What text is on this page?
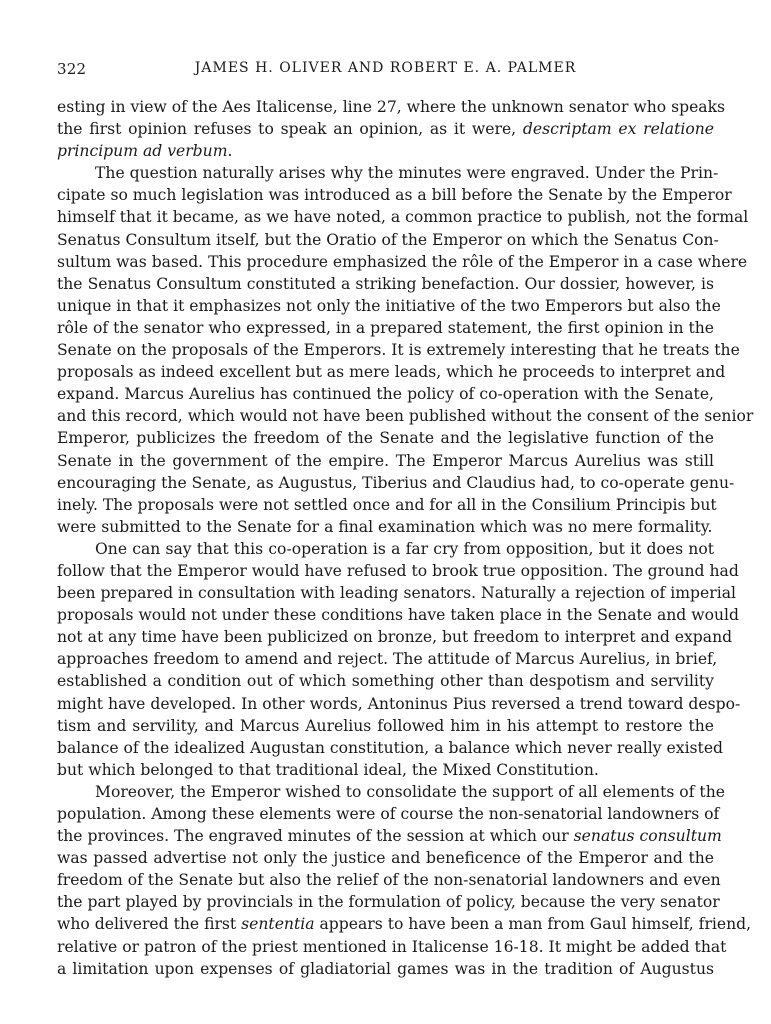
322	JAMES H. OLIVER AND ROBERT E. A. PALMER
esting in view of the Aes Italicense, line 27, where the unknown senator who speaks
the first opinion refuses to speak an opinion, as it were, descriptam ex relatione
principum ad verbum.
The question naturally arises why the minutes were engraved. Under the Prin-
cipate so much legislation was introduced as a bill before the Senate by the Emperor
himself that it became, as we have noted, a common practice to publish, not the formal
Senatus Consultum itself, but the Oratio of the Emperor on which the Senatus Con-
sultum was based. This procedure emphasized the rôle of the Emperor in a case where
the Senatus Consultum constituted a striking benefaction. Our dossier, however, is
unique in that it emphasizes not only the initiative of the two Emperors but also the
rôle of the senator who expressed, in a prepared statement, the first opinion in the
Senate on the proposals of the Emperors. It is extremely interesting that he treats the
proposals as indeed excellent but as mere leads, which he proceeds to interpret and
expand. Marcus Aurelius has continued the policy of co-operation with the Senate,
and this record, which would not have been published without the consent of the senior
Emperor, publicizes the freedom of the Senate and the legislative function of the
Senate in the government of the empire. The Emperor Marcus Aurelius was still
encouraging the Senate, as Augustus, Tiberius and Claudius had, to co-operate genu-
inely. The proposals were not settled once and for all in the Consilium Principis but
were submitted to the Senate for a final examination which was no mere formality.
One can say that this co-operation is a far cry from opposition, but it does not
follow that the Emperor would have refused to brook true opposition. The ground had
been prepared in consultation with leading senators. Naturally a rejection of imperial
proposals would not under these conditions have taken place in the Senate and would
not at any time have been publicized on bronze, but freedom to interpret and expand
approaches freedom to amend and reject. The attitude of Marcus Aurelius, in brief,
established a condition out of which something other than despotism and servility
might have developed. In other words, Antoninus Pius reversed a trend toward despo-
tism and servility, and Marcus Aurelius followed him in his attempt to restore the
balance of the idealized Augustan constitution, a balance which never really existed
but which belonged to that traditional ideal, the Mixed Constitution.
Moreover, the Emperor wished to consolidate the support of all elements of the
population. Among these elements were of course the non-senatorial landowners of
the provinces. The engraved minutes of the session at which our senatus consultum
was passed advertise not only the justice and beneficence of the Emperor and the
freedom of the Senate but also the relief of the non-senatorial landowners and even
the part played by provincials in the formulation of policy, because the very senator
who delivered the first sententia appears to have been a man from Gaul himself, friend,
relative or patron of the priest mentioned in Italicense 16-18. It might be added that
a limitation upon expenses of gladiatorial games was in the tradition of Augustus
